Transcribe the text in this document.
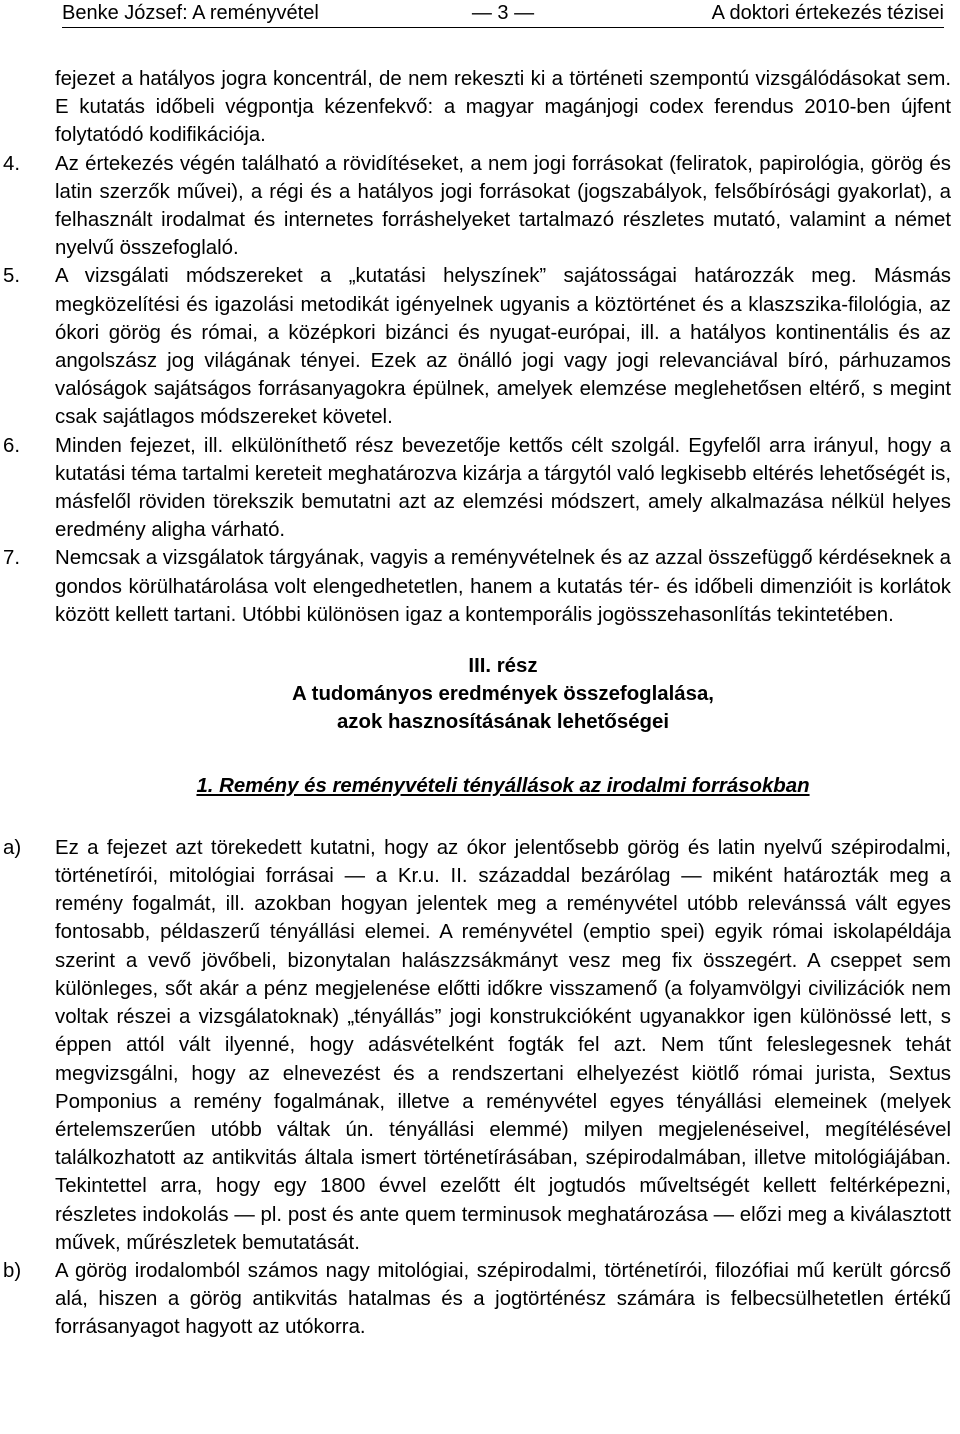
Benke József: A reményvétel	— 3 —	A doktori értekezés tézisei
fejezet a hatályos jogra koncentrál, de nem rekeszti ki a történeti szempontú vizsgálódásokat sem. E kutatás időbeli végpontja kézenfekvő: a magyar magánjogi codex ferendus 2010-ben újfent folytatódó kodifikációja.
4. Az értekezés végén található a rövidítéseket, a nem jogi forrásokat (feliratok, papirológia, görög és latin szerzők művei), a régi és a hatályos jogi forrásokat (jogszabályok, felsőbírósági gyakorlat), a felhasznált irodalmat és internetes forráshelyeket tartalmazó részletes mutató, valamint a német nyelvű összefoglaló.
5. A vizsgálati módszereket a „kutatási helyszínek” sajátosságai határozzák meg. Másmás megközelítési és igazolási metodikát igényelnek ugyanis a köztörténet és a klaszszika-filológia, az ókori görög és római, a középkori bizánci és nyugat-európai, ill. a hatályos kontinentális és az angolszász jog világának tényei. Ezek az önálló jogi vagy jogi relevanciával bíró, párhuzamos valóságok sajátságos forrásanyagokra épülnek, amelyek elemzése meglehetősen eltérő, s megint csak sajátlagos módszereket követel.
6. Minden fejezet, ill. elkülöníthető rész bevezetője kettős célt szolgál. Egyfelől arra irányul, hogy a kutatási téma tartalmi kereteit meghatározva kizárja a tárgytól való legkisebb eltérés lehetőségét is, másfelől röviden törekszik bemutatni azt az elemzési módszert, amely alkalmazása nélkül helyes eredmény aligha várható.
7. Nemcsak a vizsgálatok tárgyának, vagyis a reményvételnek és az azzal összefüggő kérdéseknek a gondos körülhatárolása volt elengedhetetlen, hanem a kutatás tér- és időbeli dimenzióit is korlátok között kellett tartani. Utóbbi különösen igaz a kontemporális jogösszehasonlítás tekintetében.
III. rész
A tudományos eredmények összefoglalása,
azok hasznosításának lehetőségei
1. Remény és reményvételi tényállások az irodalmi forrásokban
a) Ez a fejezet azt törekedett kutatni, hogy az ókor jelentősebb görög és latin nyelvű szépirodalmi, történetírói, mitológiai forrásai — a Kr.u. II. századdal bezárólag — miként határozták meg a remény fogalmát, ill. azokban hogyan jelentek meg a reményvétel utóbb relevánssá vált egyes fontosabb, példaszerű tényállási elemei. A reményvétel (emptio spei) egyik római iskolapéldája szerint a vevő jövőbeli, bizonytalan halászzsákmányt vesz meg fix összegért. A cseppet sem különleges, sőt akár a pénz megjelenése előtti időkre visszamenő (a folyamvölgyi civilizációk nem voltak részei a vizsgálatoknak) „tényállás” jogi konstrukcióként ugyanakkor igen különössé lett, s éppen attól vált ilyenné, hogy adásvételként fogták fel azt. Nem tűnt feleslegesnek tehát megvizsgálni, hogy az elnevezést és a rendszertani elhelyezést kiötlő római jurista, Sextus Pomponius a remény fogalmának, illetve a reményvétel egyes tényállási elemeinek (melyek értelemszerűen utóbb váltak ún. tényállási elemmé) milyen megjelenéseivel, megítélésével találkozhatott az antikvitás általa ismert történetírásában, szépirodalmában, illetve mitológiájában. Tekintettel arra, hogy egy 1800 évvel ezelőtt élt jogtudós műveltségét kellett feltérképezni, részletes indokolás — pl. post és ante quem terminusok meghatározása — előzi meg a kiválasztott művek, műrészletek bemutatását.
b) A görög irodalomból számos nagy mitológiai, szépirodalmi, történetírói, filozófiai mű került górcső alá, hiszen a görög antikvitás hatalmas és a jogtörténész számára is felbecsülhetetlen értékű forrásanyagot hagyott az utókorra.
